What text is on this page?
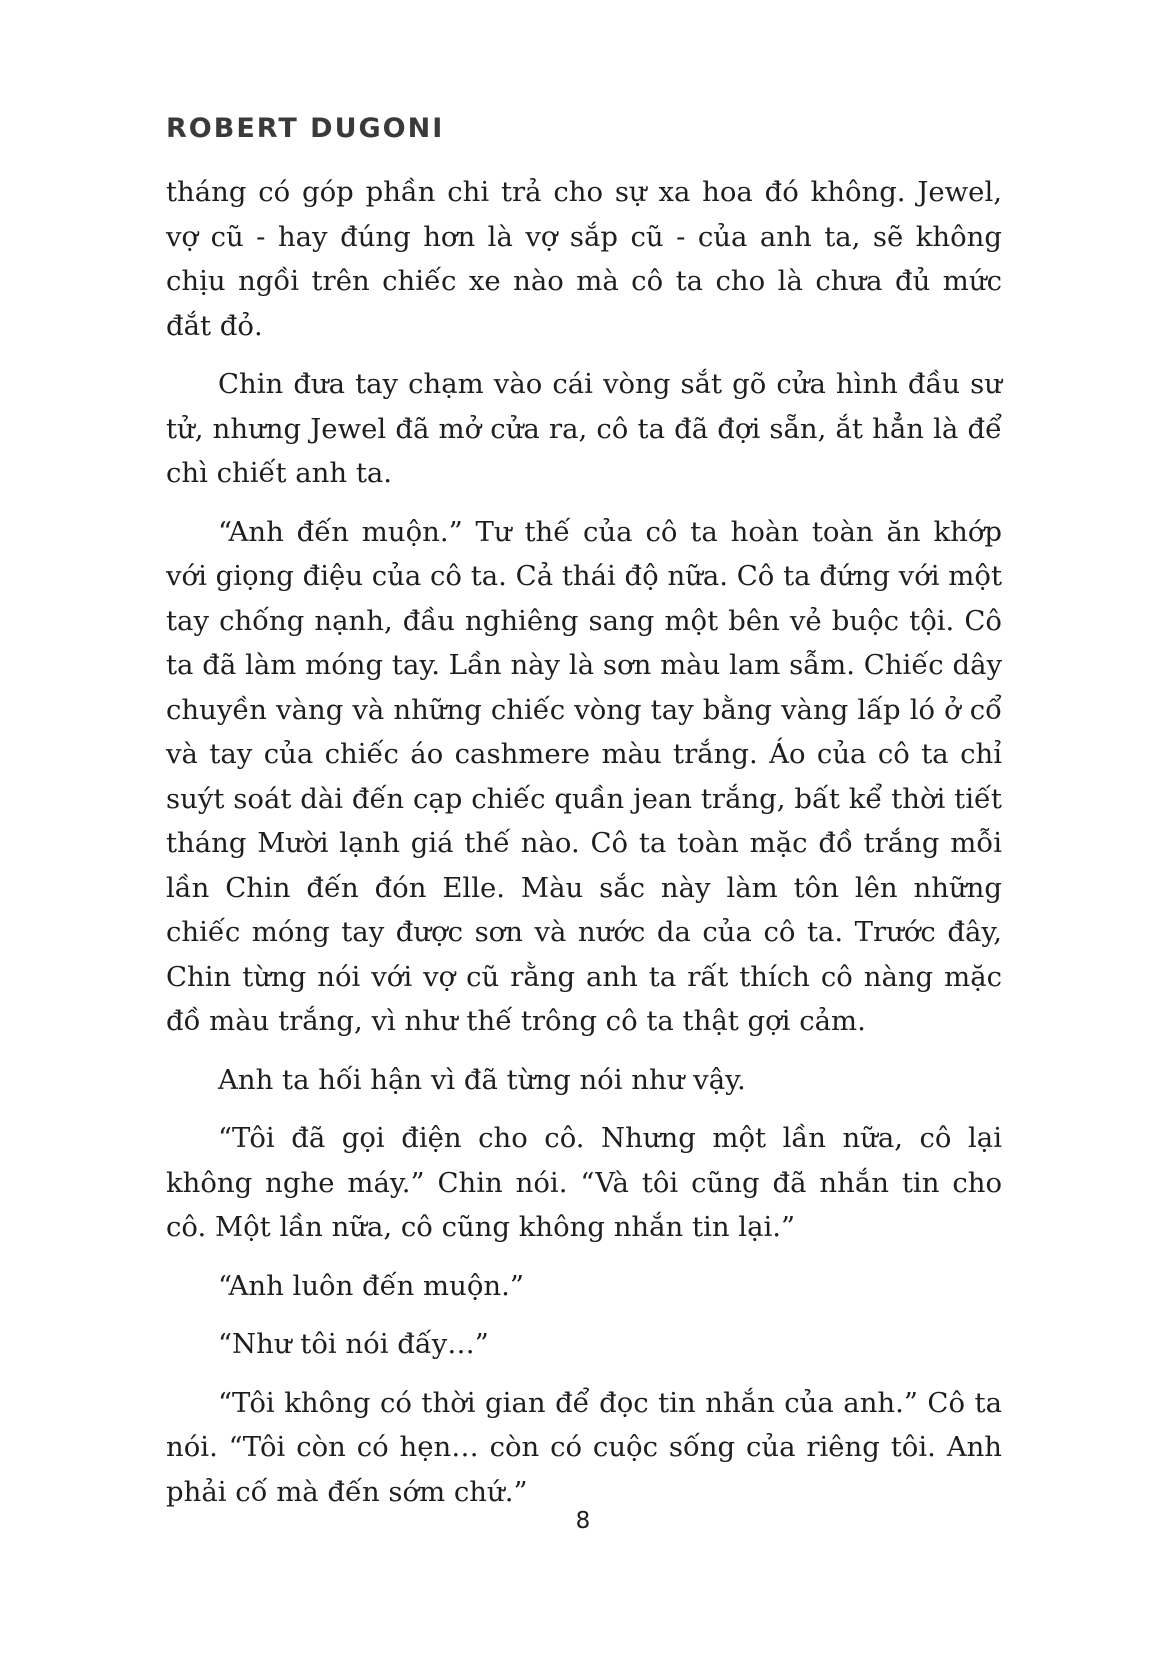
ROBERT DUGONI

tháng có góp phần chi trả cho sự xa hoa đó không. Jewel, vợ cũ - hay đúng hơn là vợ sắp cũ - của anh ta, sẽ không chịu ngồi trên chiếc xe nào mà cô ta cho là chưa đủ mức đắt đỏ.

Chin đưa tay chạm vào cái vòng sắt gõ cửa hình đầu sư tử, nhưng Jewel đã mở cửa ra, cô ta đã đợi sẵn, ắt hẳn là để chì chiết anh ta.

“Anh đến muộn.” Tư thế của cô ta hoàn toàn ăn khớp với giọng điệu của cô ta. Cả thái độ nữa. Cô ta đứng với một tay chống nạnh, đầu nghiêng sang một bên vẻ buộc tội. Cô ta đã làm móng tay. Lần này là sơn màu lam sẫm. Chiếc dây chuyền vàng và những chiếc vòng tay bằng vàng lấp ló ở cổ và tay của chiếc áo cashmere màu trắng. Áo của cô ta chỉ suýt soát dài đến cạp chiếc quần jean trắng, bất kể thời tiết tháng Mười lạnh giá thế nào. Cô ta toàn mặc đồ trắng mỗi lần Chin đến đón Elle. Màu sắc này làm tôn lên những chiếc móng tay được sơn và nước da của cô ta. Trước đây, Chin từng nói với vợ cũ rằng anh ta rất thích cô nàng mặc đồ màu trắng, vì như thế trông cô ta thật gợi cảm.

Anh ta hối hận vì đã từng nói như vậy.

“Tôi đã gọi điện cho cô. Nhưng một lần nữa, cô lại không nghe máy.” Chin nói. “Và tôi cũng đã nhắn tin cho cô. Một lần nữa, cô cũng không nhắn tin lại.”

“Anh luôn đến muộn.”

“Như tôi nói đấy…”

“Tôi không có thời gian để đọc tin nhắn của anh.” Cô ta nói. “Tôi còn có hẹn… còn có cuộc sống của riêng tôi. Anh phải cố mà đến sớm chứ.”

8
